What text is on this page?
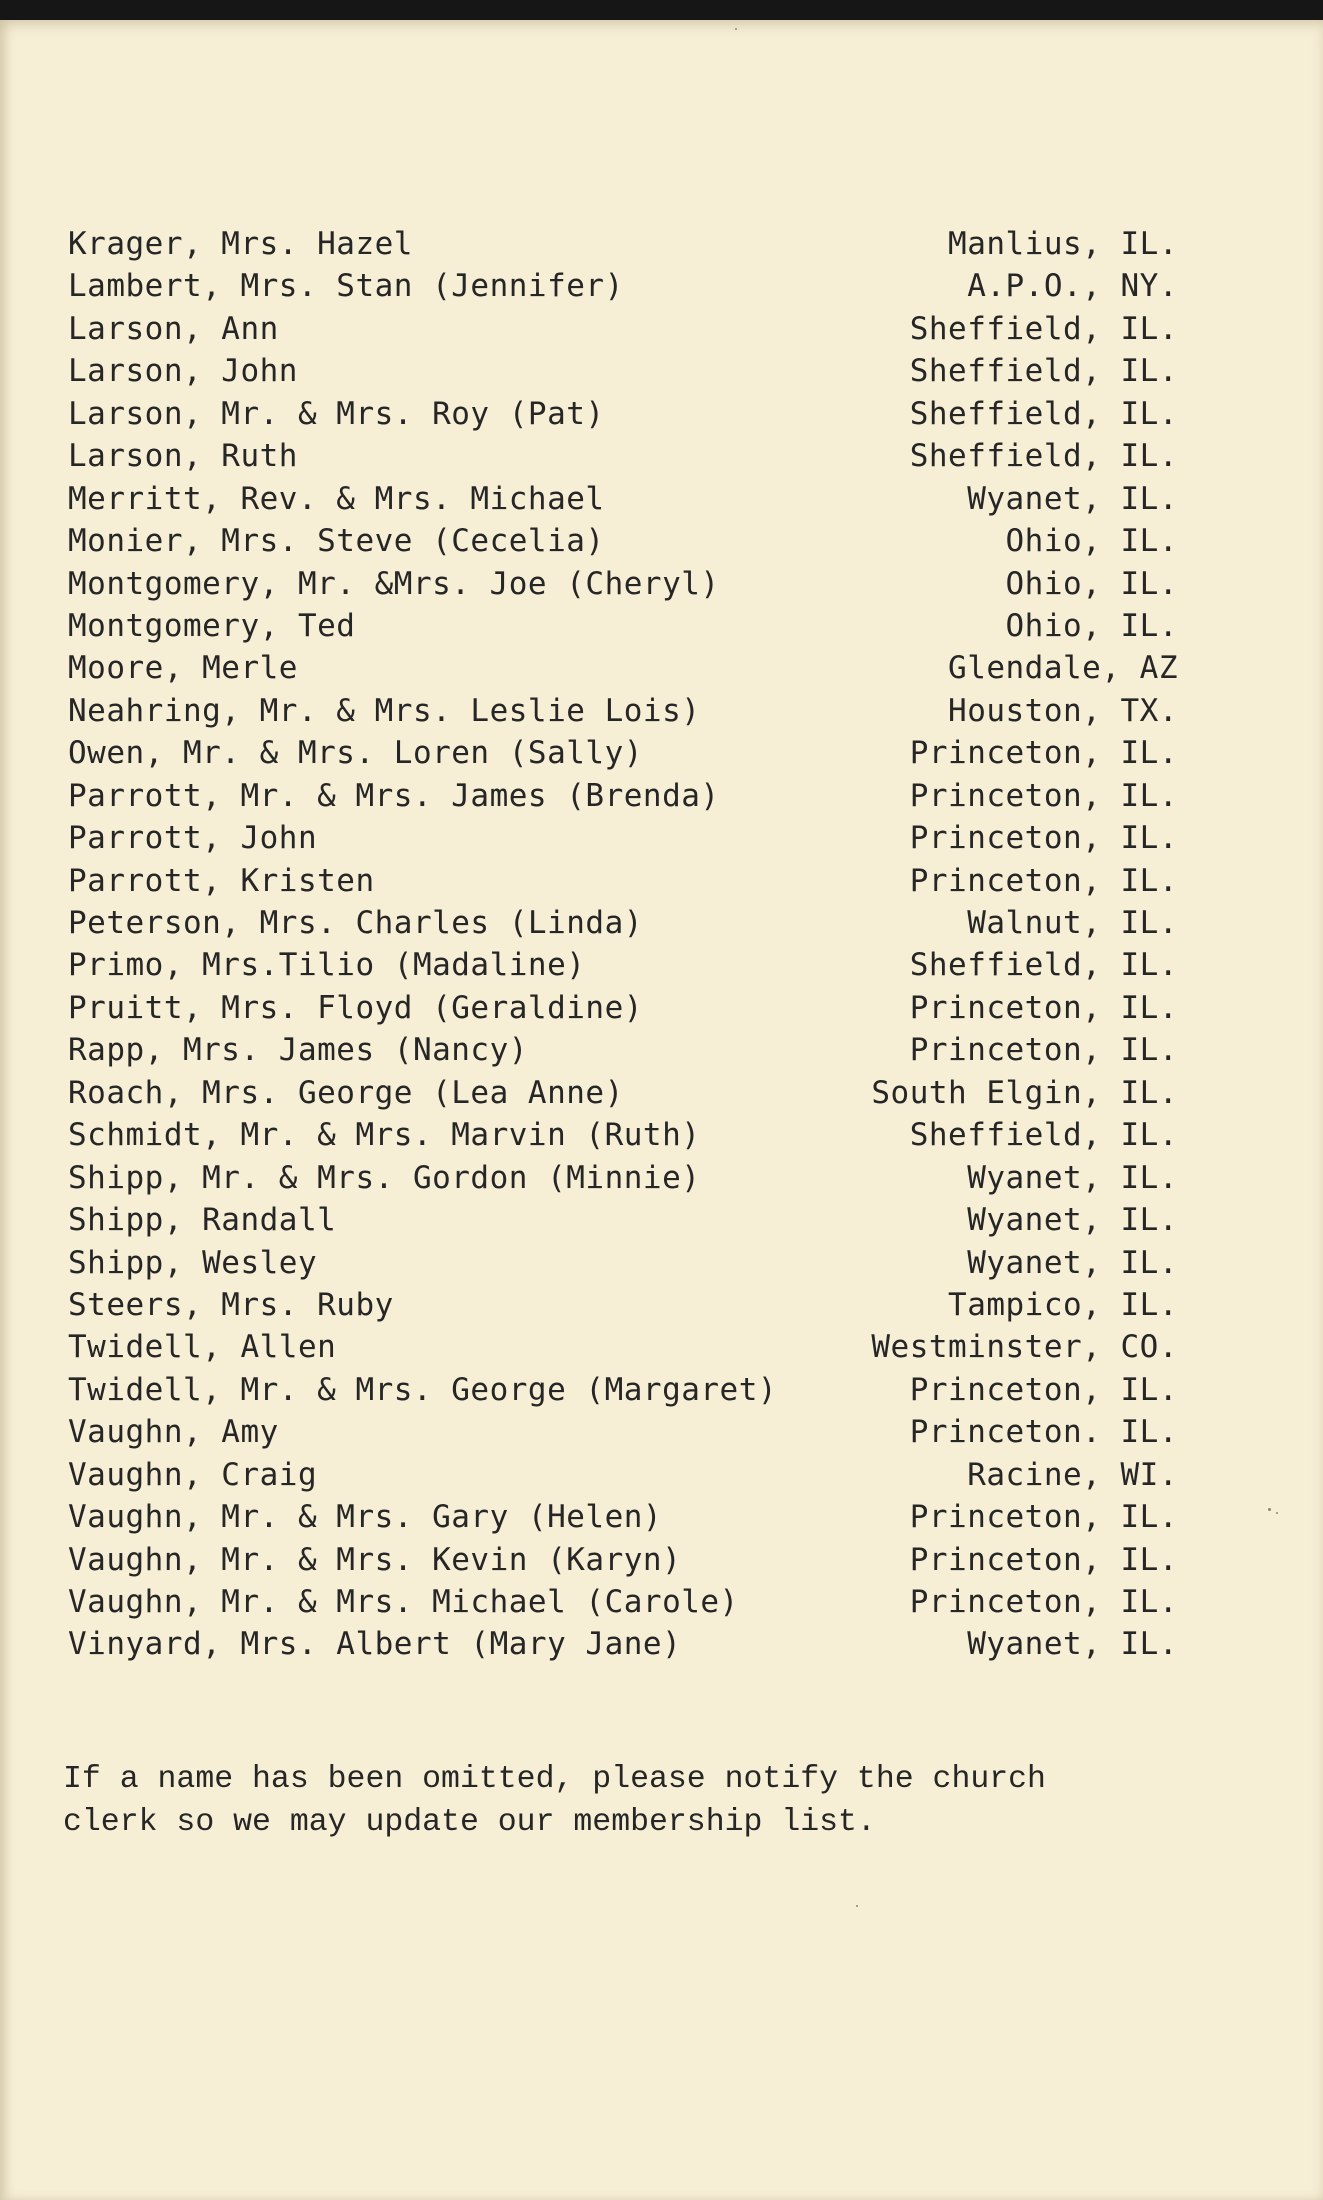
Krager, Mrs. Hazel	Manlius, IL.
Lambert, Mrs. Stan (Jennifer)	A.P.O., NY.
Larson, Ann	Sheffield, IL.
Larson, John	Sheffield, IL.
Larson, Mr. & Mrs. Roy (Pat)	Sheffield, IL.
Larson, Ruth	Sheffield, IL.
Merritt, Rev. & Mrs. Michael	Wyanet, IL.
Monier, Mrs. Steve (Cecelia)	Ohio, IL.
Montgomery, Mr. &Mrs. Joe (Cheryl)	Ohio, IL.
Montgomery, Ted	Ohio, IL.
Moore, Merle	Glendale, AZ
Neahring, Mr. & Mrs. Leslie Lois)	Houston, TX.
Owen, Mr. & Mrs. Loren (Sally)	Princeton, IL.
Parrott, Mr. & Mrs. James (Brenda)	Princeton, IL.
Parrott, John	Princeton, IL.
Parrott, Kristen	Princeton, IL.
Peterson, Mrs. Charles (Linda)	Walnut, IL.
Primo, Mrs.Tilio (Madaline)	Sheffield, IL.
Pruitt, Mrs. Floyd (Geraldine)	Princeton, IL.
Rapp, Mrs. James (Nancy)	Princeton, IL.
Roach, Mrs. George (Lea Anne)	South Elgin, IL.
Schmidt, Mr. & Mrs. Marvin (Ruth)	Sheffield, IL.
Shipp, Mr. & Mrs. Gordon (Minnie)	Wyanet, IL.
Shipp, Randall	Wyanet, IL.
Shipp, Wesley	Wyanet, IL.
Steers, Mrs. Ruby	Tampico, IL.
Twidell, Allen	Westminster, CO.
Twidell, Mr. & Mrs. George (Margaret)	Princeton, IL.
Vaughn, Amy	Princeton. IL.
Vaughn, Craig	Racine, WI.
Vaughn, Mr. & Mrs. Gary (Helen)	Princeton, IL.
Vaughn, Mr. & Mrs. Kevin (Karyn)	Princeton, IL.
Vaughn, Mr. & Mrs. Michael (Carole)	Princeton, IL.
Vinyard, Mrs. Albert (Mary Jane)	Wyanet, IL.

If a name has been omitted, please notify the church
clerk so we may update our membership list.
